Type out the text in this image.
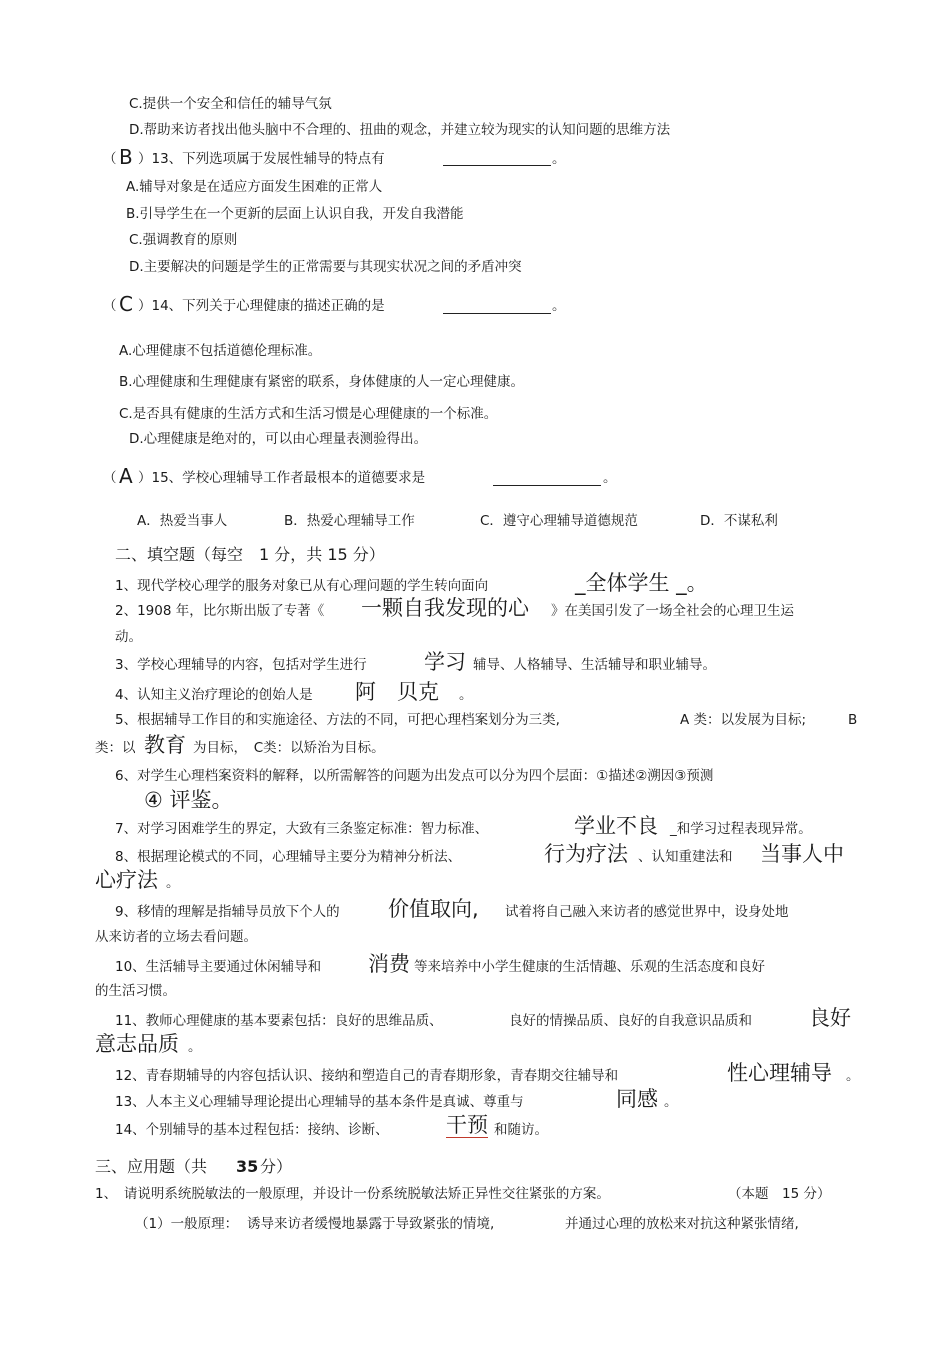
C.提供一个安全和信任的辅导气氛
D.帮助来访者找出他头脑中不合理的、扭曲的观念，并建立较为现实的认知问题的思维方法
（ B ）13、下列选项属于发展性辅导的特点有	。
A.辅导对象是在适应方面发生困难的正常人
B.引导学生在一个更新的层面上认识自我，开发自我潜能
C.强调教育的原则
D.主要解决的问题是学生的正常需要与其现实状况之间的矛盾冲突
（ C ）14、下列关于心理健康的描述正确的是	。
A.心理健康不包括道德伦理标准。
B.心理健康和生理健康有紧密的联系，身体健康的人一定心理健康。
C.是否具有健康的生活方式和生活习惯是心理健康的一个标准。
D.心理健康是绝对的，可以由心理量表测验得出。
（ A ）15、学校心理辅导工作者最根本的道德要求是	。
A．热爱当事人	B．热爱心理辅导工作	C．遵守心理辅导道德规范	D．不谋私利
二、填空题（每空　1 分，共 15 分）
1、现代学校心理学的服务对象已从有心理问题的学生转向面向	_全体学生 _。
2、1908 年，比尔斯出版了专著《 一颗自我发现的心 》在美国引发了一场全社会的心理卫生运
动。
3、学校心理辅导的内容，包括对学生进行	学习 辅导、人格辅导、生活辅导和职业辅导。
4、认知主义治疗理论的创始人是 阿　贝克 。
5、根据辅导工作目的和实施途径、方法的不同，可把心理档案划分为三类,	A 类：以发展为目标;	B
类：以 教育 为目标，　C类：以矫治为目标。
6、对学生心理档案资料的解释，以所需解答的问题为出发点可以分为四个层面：①描述②溯因③预测
④ 评鉴。
7、对学习困难学生的界定，大致有三条鉴定标准：智力标准、	学业不良 _和学习过程表现异常。
8、根据理论模式的不同，心理辅导主要分为精神分析法、	行为疗法 、认知重建法和 当事人中
心疗法 。
9、移情的理解是指辅导员放下个人的 价值取向, 试着将自己融入来访者的感觉世界中，设身处地
从来访者的立场去看问题。
10、生活辅导主要通过休闲辅导和 消费 等来培养中小学生健康的生活情趣、乐观的生活态度和良好
的生活习惯。
11、教师心理健康的基本要素包括：良好的思维品质、	良好的情操品质、良好的自我意识品质和	良好
意志品质 。
12、青春期辅导的内容包括认识、接纳和塑造自己的青春期形象，青春期交往辅导和	性心理辅导 。
13、人本主义心理辅导理论提出心理辅导的基本条件是真诚、尊重与	同感 。
14、个别辅导的基本过程包括：接纳、诊断、	干预 和随访。
三、应用题（共 35 分）
1、　请说明系统脱敏法的一般原理，并设计一份系统脱敏法矫正异性交往紧张的方案。	（本题　15 分）
（1）一般原理： 诱导来访者缓慢地暴露于导致紧张的情境,	并通过心理的放松来对抗这种紧张情绪,
